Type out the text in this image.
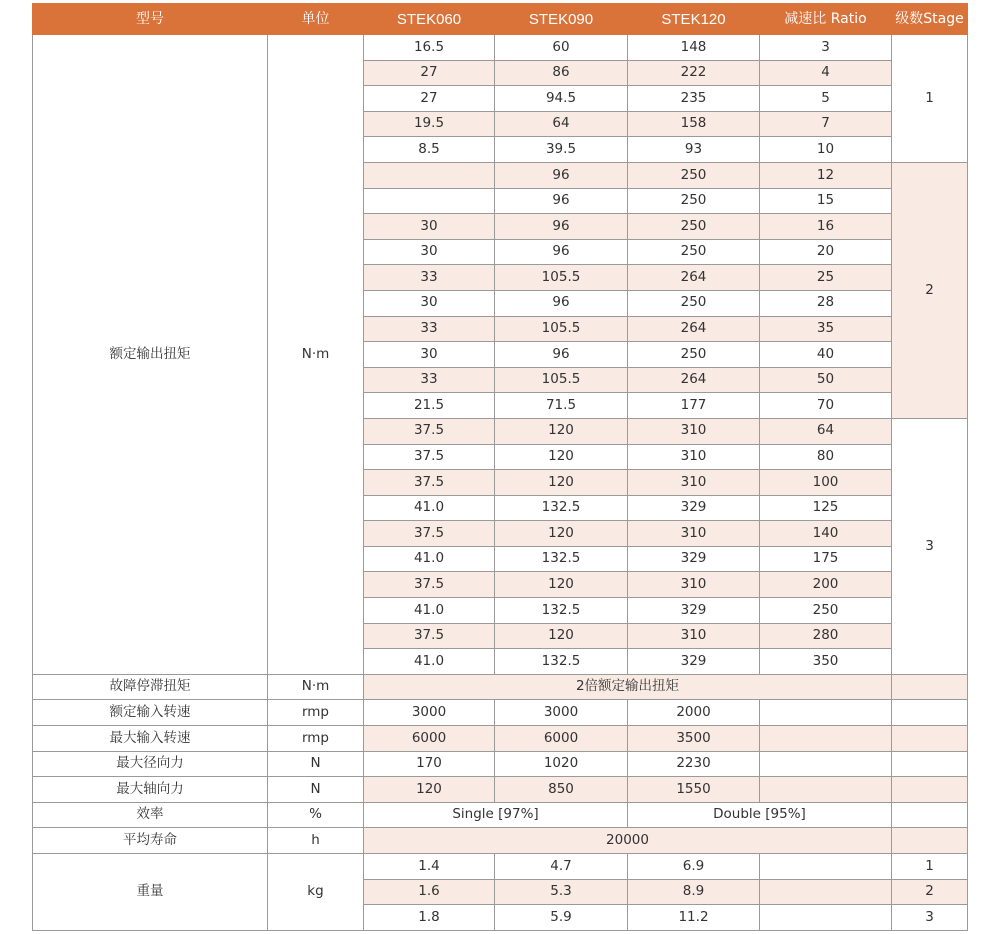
型号	单位	STEK060	STEK090	STEK120	减速比 Ratio	级数Stage
额定输出扭矩	N·m	16.5	60	148	3	1
		27	86	222	4	
		27	94.5	235	5	
		19.5	64	158	7	
		8.5	39.5	93	10	
			96	250	12	2
			96	250	15	
		30	96	250	16	
		30	96	250	20	
		33	105.5	264	25	
		30	96	250	28	
		33	105.5	264	35	
		30	96	250	40	
		33	105.5	264	50	
		21.5	71.5	177	70	
		37.5	120	310	64	3
		37.5	120	310	80	
		37.5	120	310	100	
		41.0	132.5	329	125	
		37.5	120	310	140	
		41.0	132.5	329	175	
		37.5	120	310	200	
		41.0	132.5	329	250	
		37.5	120	310	280	
		41.0	132.5	329	350	
故障停滞扭矩	N·m	2倍额定输出扭矩				
额定输入转速	rmp	3000	3000	2000		
最大输入转速	rmp	6000	6000	3500		
最大径向力	N	170	1020	2230		
最大轴向力	N	120	850	1550		
效率	%	Single [97%]		Double [95%]		
平均寿命	h	20000				
重量	kg	1.4	4.7	6.9		1
		1.6	5.3	8.9		2
		1.8	5.9	11.2		3
